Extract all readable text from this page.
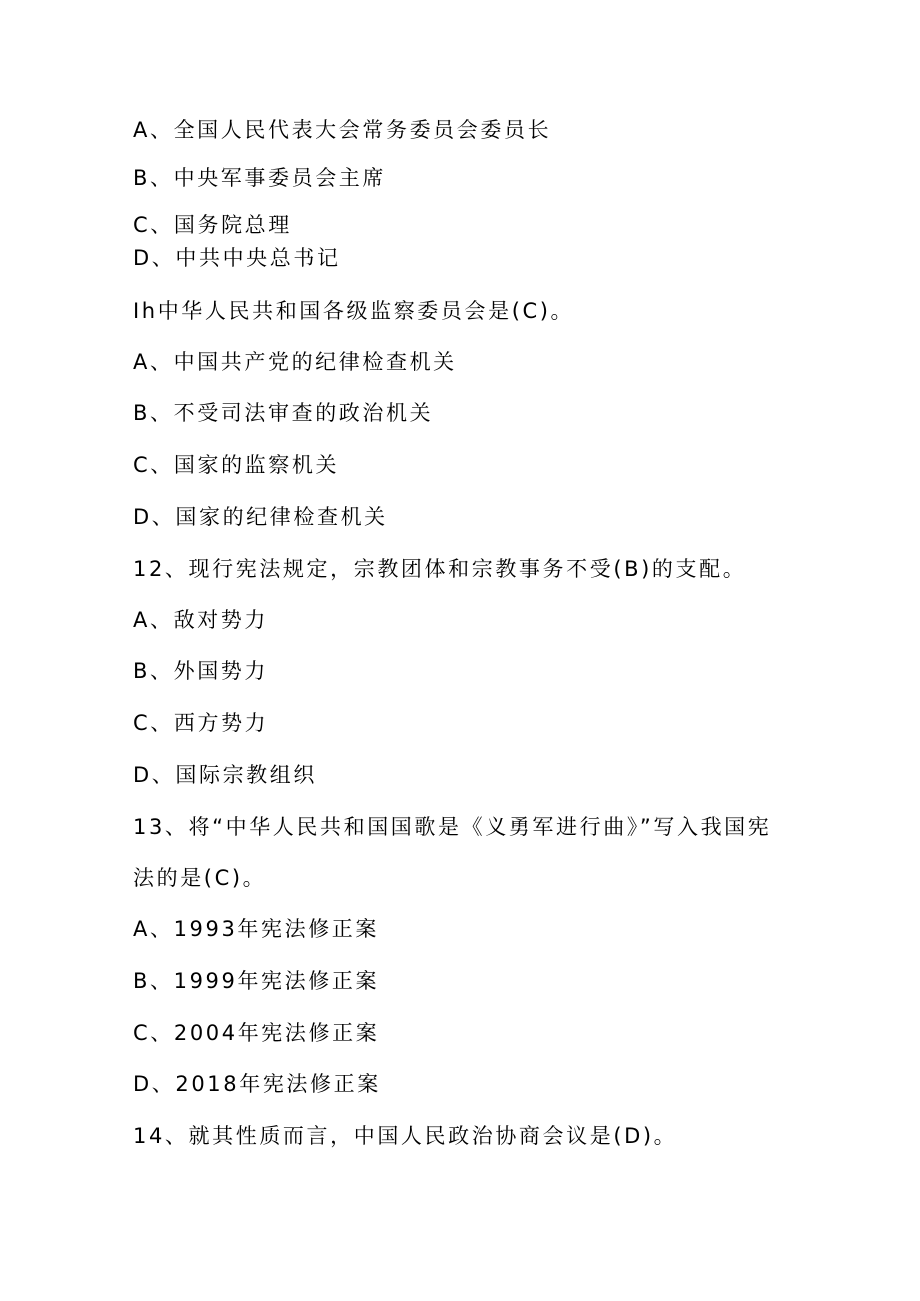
A、全国人民代表大会常务委员会委员长
B、中央军事委员会主席
C、国务院总理
D、中共中央总书记
Ih中华人民共和国各级监察委员会是(C)。
A、中国共产党的纪律检查机关
B、不受司法审查的政治机关
C、国家的监察机关
D、国家的纪律检查机关
12、现行宪法规定，宗教团体和宗教事务不受(B)的支配。
A、敌对势力
B、外国势力
C、西方势力
D、国际宗教组织
13、将“中华人民共和国国歌是《义勇军进行曲》”写入我国宪
法的是(C)。
A、1993年宪法修正案
B、1999年宪法修正案
C、2004年宪法修正案
D、2018年宪法修正案
14、就其性质而言，中国人民政治协商会议是(D)。
